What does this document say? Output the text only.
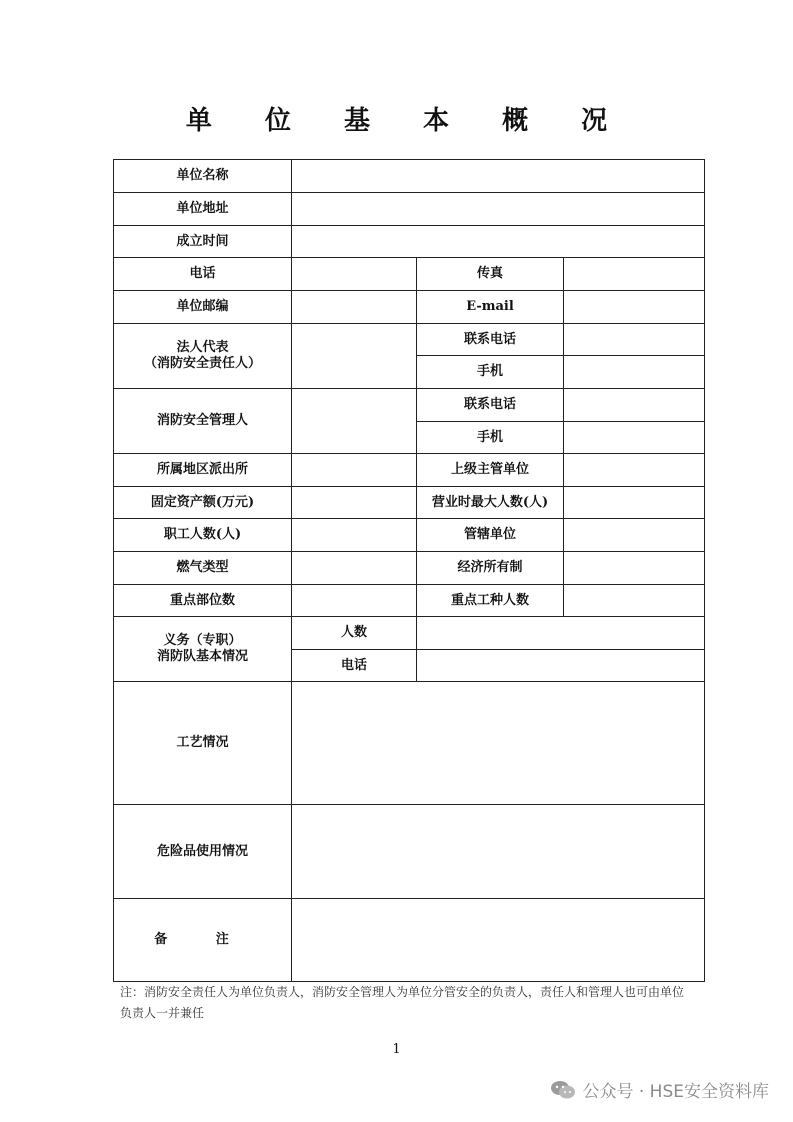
单 位 基 本 概 况
单位名称			
单位地址			
成立时间			
电话		传真	
单位邮编		E-mail	

法人代表
（消防安全责任人）		联系电话	
		手机	
消防安全管理人		联系电话	
		手机	
所属地区派出所		上级主管单位	
固定资产额(万元)		营业时最大人数(人)	
职工人数(人)		管辖单位	
燃气类型		经济所有制	
重点部位数		重点工种人数	

义务（专职）
消防队基本情况	人数		
	电话		
工艺情况			
危险品使用情况			
备 注			
注：消防安全责任人为单位负责人，消防安全管理人为单位分管安全的负责人，责任人和管理人也可由单位负责人一并兼任
1
公众号 · HSE安全资料库
